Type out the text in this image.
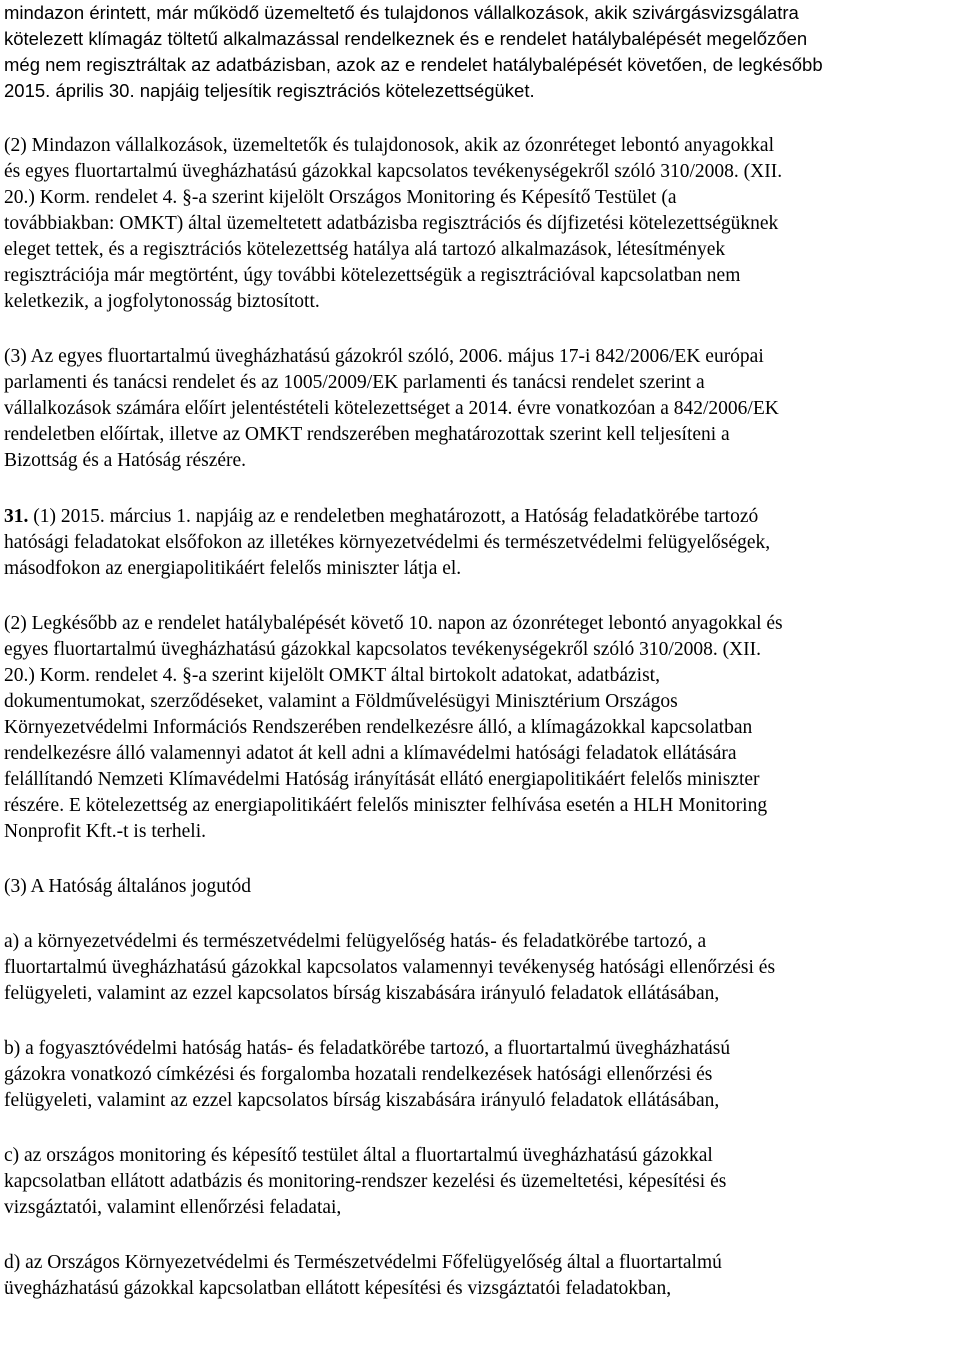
mindazon érintett, már működő üzemeltető és tulajdonos vállalkozások, akik szivárgásvizsgálatra
kötelezett klímagáz töltetű alkalmazással rendelkeznek és e rendelet hatálybalépését megelőzően
még nem regisztráltak az adatbázisban, azok az e rendelet hatálybalépését követően, de legkésőbb
2015. április 30. napjáig teljesítik regisztrációs kötelezettségüket.
(2) Mindazon vállalkozások, üzemeltetők és tulajdonosok, akik az ózonréteget lebontó anyagokkal
és egyes fluortartalmú üvegházhatású gázokkal kapcsolatos tevékenységekről szóló 310/2008. (XII.
20.) Korm. rendelet 4. §-a szerint kijelölt Országos Monitoring és Képesítő Testület (a
továbbiakban: OMKT) által üzemeltetett adatbázisba regisztrációs és díjfizetési kötelezettségüknek
eleget tettek, és a regisztrációs kötelezettség hatálya alá tartozó alkalmazások, létesítmények
regisztrációja már megtörtént, úgy további kötelezettségük a regisztrációval kapcsolatban nem
keletkezik, a jogfolytonosság biztosított.
(3) Az egyes fluortartalmú üvegházhatású gázokról szóló, 2006. május 17-i 842/2006/EK európai
parlamenti és tanácsi rendelet és az 1005/2009/EK parlamenti és tanácsi rendelet szerint a
vállalkozások számára előírt jelentéstételi kötelezettséget a 2014. évre vonatkozóan a 842/2006/EK
rendeletben előírtak, illetve az OMKT rendszerében meghatározottak szerint kell teljesíteni a
Bizottság és a Hatóság részére.
31. (1) 2015. március 1. napjáig az e rendeletben meghatározott, a Hatóság feladatkörébe tartozó
hatósági feladatokat elsőfokon az illetékes környezetvédelmi és természetvédelmi felügyelőségek,
másodfokon az energiapolitikáért felelős miniszter látja el.
(2) Legkésőbb az e rendelet hatálybalépését követő 10. napon az ózonréteget lebontó anyagokkal és
egyes fluortartalmú üvegházhatású gázokkal kapcsolatos tevékenységekről szóló 310/2008. (XII.
20.) Korm. rendelet 4. §-a szerint kijelölt OMKT által birtokolt adatokat, adatbázist,
dokumentumokat, szerződéseket, valamint a Földművelésügyi Minisztérium Országos
Környezetvédelmi Információs Rendszerében rendelkezésre álló, a klímagázokkal kapcsolatban
rendelkezésre álló valamennyi adatot át kell adni a klímavédelmi hatósági feladatok ellátására
felállítandó Nemzeti Klímavédelmi Hatóság irányítását ellátó energiapolitikáért felelős miniszter
részére. E kötelezettség az energiapolitikáért felelős miniszter felhívása esetén a HLH Monitoring
Nonprofit Kft.-t is terheli.
(3) A Hatóság általános jogutód
a) a környezetvédelmi és természetvédelmi felügyelőség hatás- és feladatkörébe tartozó, a
fluortartalmú üvegházhatású gázokkal kapcsolatos valamennyi tevékenység hatósági ellenőrzési és
felügyeleti, valamint az ezzel kapcsolatos bírság kiszabására irányuló feladatok ellátásában,
b) a fogyasztóvédelmi hatóság hatás- és feladatkörébe tartozó, a fluortartalmú üvegházhatású
gázokra vonatkozó címkézési és forgalomba hozatali rendelkezések hatósági ellenőrzési és
felügyeleti, valamint az ezzel kapcsolatos bírság kiszabására irányuló feladatok ellátásában,
c) az országos monitoring és képesítő testület által a fluortartalmú üvegházhatású gázokkal
kapcsolatban ellátott adatbázis és monitoring-rendszer kezelési és üzemeltetési, képesítési és
vizsgáztatói, valamint ellenőrzési feladatai,
d) az Országos Környezetvédelmi és Természetvédelmi Főfelügyelőség által a fluortartalmú
üvegházhatású gázokkal kapcsolatban ellátott képesítési és vizsgáztatói feladatokban,
